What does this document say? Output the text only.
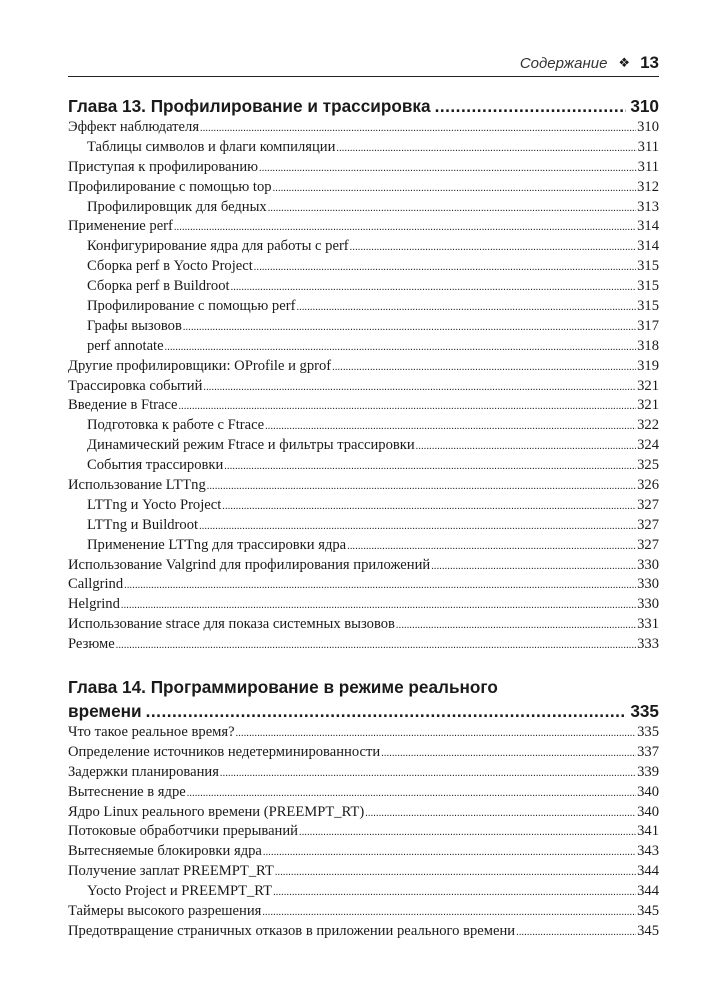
Содержание ❖ 13
Глава 13. Профилирование и трассировка .....	310
Эффект наблюдателя .....	310
Таблицы символов и флаги компиляции .....	311
Приступая к профилированию .....	311
Профилирование с помощью top .....	312
Профилировщик для бедных .....	313
Применение perf .....	314
Конфигурирование ядра для работы с perf .....	314
Сборка perf в Yocto Project .....	315
Сборка perf в Buildroot .....	315
Профилирование с помощью perf .....	315
Графы вызовов .....	317
perf annotate .....	318
Другие профилировщики: OProfile и gprof .....	319
Трассировка событий .....	321
Введение в Ftrace .....	321
Подготовка к работе с Ftrace .....	322
Динамический режим Ftrace и фильтры трассировки .....	324
События трассировки .....	325
Использование LTTng .....	326
LTTng и Yocto Project .....	327
LTTng и Buildroot .....	327
Применение LTTng для трассировки ядра .....	327
Использование Valgrind для профилирования приложений .....	330
Callgrind .....	330
Helgrind .....	330
Использование strace для показа системных вызовов .....	331
Резюме .....	333
Глава 14. Программирование в режиме реального
времени .....	335
Что такое реальное время? .....	335
Определение источников недетерминированности .....	337
Задержки планирования .....	339
Вытеснение в ядре .....	340
Ядро Linux реального времени (PREEMPT_RT) .....	340
Потоковые обработчики прерываний .....	341
Вытесняемые блокировки ядра .....	343
Получение заплат PREEMPT_RT .....	344
Yocto Project и PREEMPT_RT .....	344
Таймеры высокого разрешения .....	345
Предотвращение страничных отказов в приложении реального времени .....	345
